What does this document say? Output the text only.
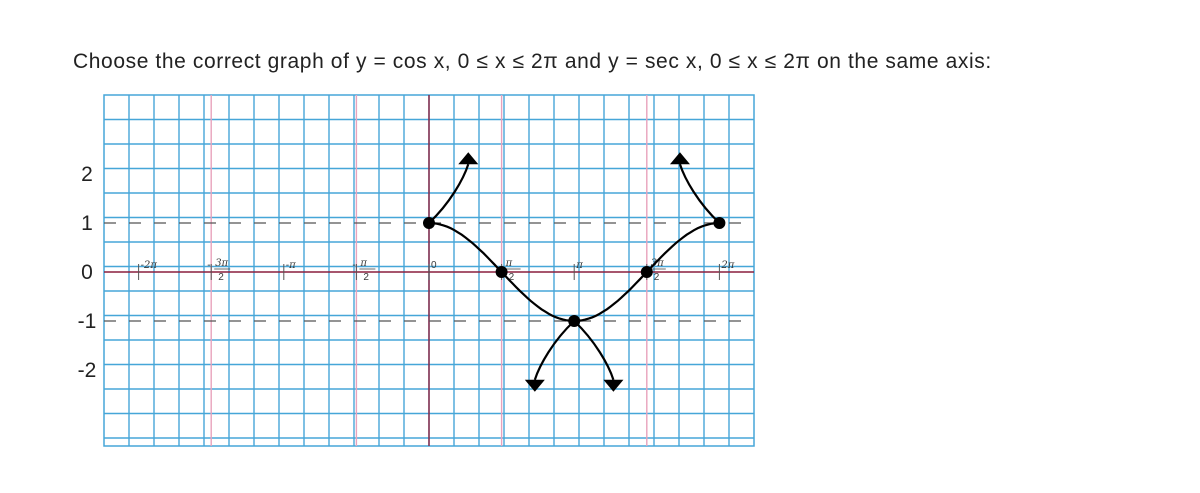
Choose the correct graph of y = cos x, 0 ≤ x ≤ 2π and y = sec x, 0 ≤ x ≤ 2π on the same axis:
2
1
0
-1
-2
-2π	- 3π
2
-π	- π
2
0	π
2
π	3π
2
2π
